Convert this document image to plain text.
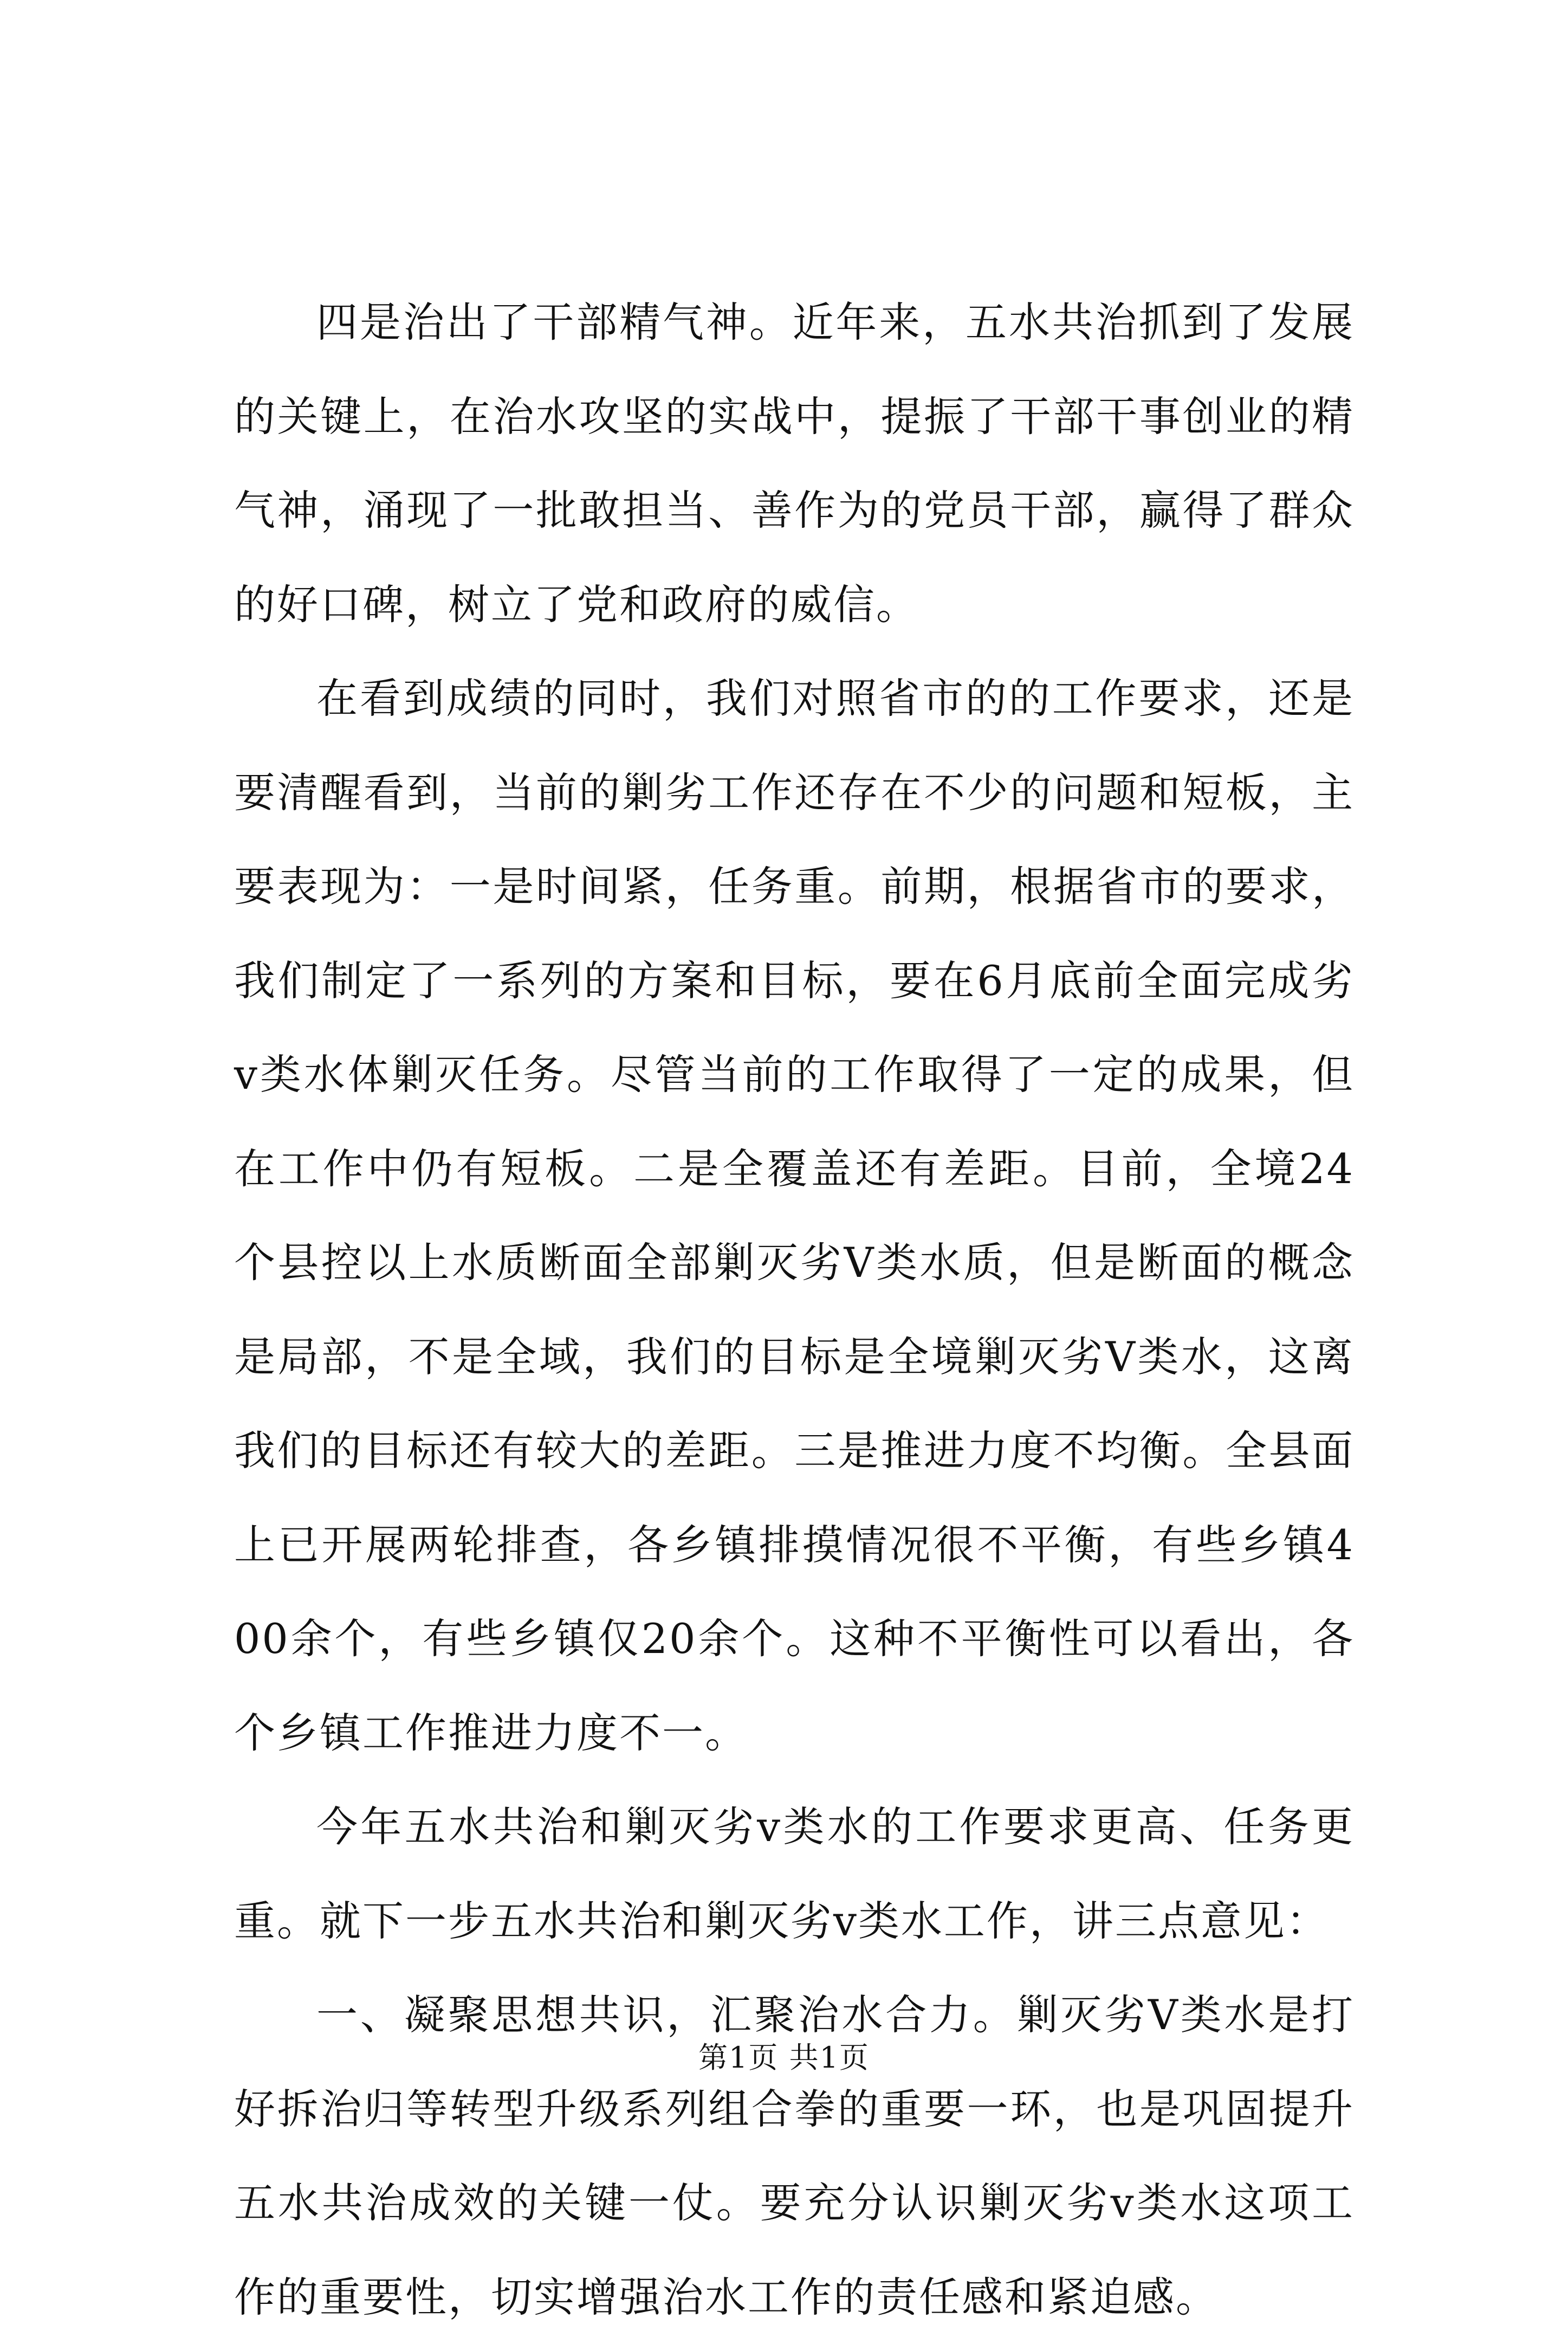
四是治出了干部精气神。近年来，五水共治抓到了发展的关键上，在治水攻坚的实战中，提振了干部干事创业的精气神，涌现了一批敢担当、善作为的党员干部，赢得了群众的好口碑，树立了党和政府的威信。

在看到成绩的同时，我们对照省市的的工作要求，还是要清醒看到，当前的剿劣工作还存在不少的问题和短板，主要表现为：一是时间紧，任务重。前期，根据省市的要求，我们制定了一系列的方案和目标，要在6月底前全面完成劣v类水体剿灭任务。尽管当前的工作取得了一定的成果，但在工作中仍有短板。二是全覆盖还有差距。目前，全境24个县控以上水质断面全部剿灭劣Ⅴ类水质，但是断面的概念是局部，不是全域，我们的目标是全境剿灭劣Ⅴ类水，这离我们的目标还有较大的差距。三是推进力度不均衡。全县面上已开展两轮排查，各乡镇排摸情况很不平衡，有些乡镇400余个，有些乡镇仅20余个。这种不平衡性可以看出，各个乡镇工作推进力度不一。

今年五水共治和剿灭劣v类水的工作要求更高、任务更重。就下一步五水共治和剿灭劣v类水工作，讲三点意见：

一、凝聚思想共识，汇聚治水合力。剿灭劣Ⅴ类水是打好拆治归等转型升级系列组合拳的重要一环，也是巩固提升五水共治成效的关键一仗。要充分认识剿灭劣v类水这项工作的重要性，切实增强治水工作的责任感和紧迫感。

第1页 共1页
